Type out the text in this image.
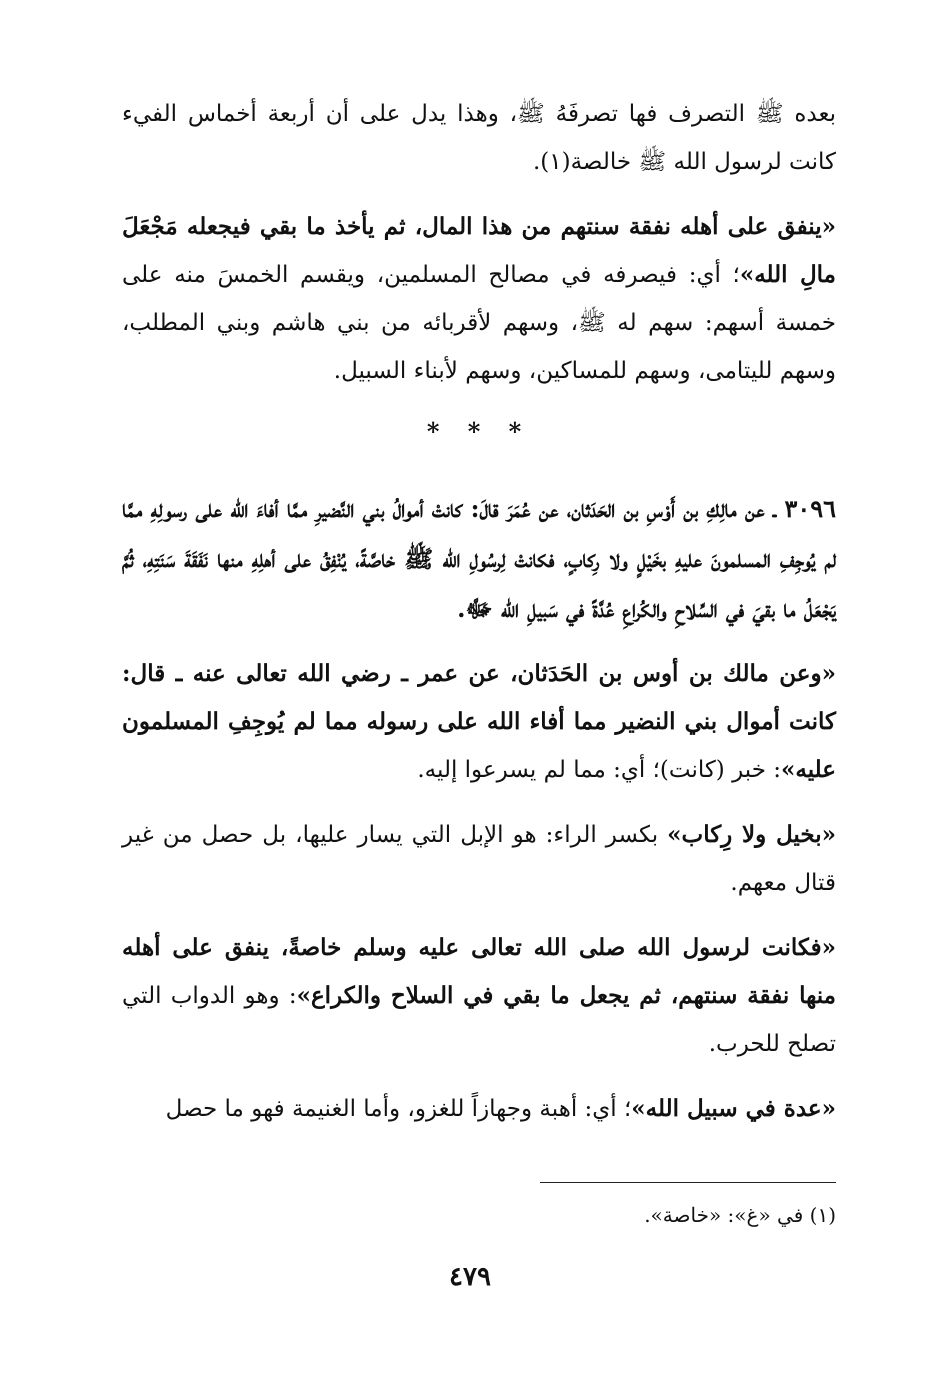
بعده ﷺ التصرف فها تصرفَهُ ﷺ، وهذا يدل على أن أربعة أخماس الفيء كانت لرسول الله ﷺ خالصة(١).

«ينفق على أهله نفقة سنتهم من هذا المال، ثم يأخذ ما بقي فيجعله مَجْعَلَ مالِ الله»؛ أي: فيصرفه في مصالح المسلمين، ويقسم الخمسَ منه على خمسة أسهم: سهم له ﷺ، وسهم لأقربائه من بني هاشم وبني المطلب، وسهم لليتامى، وسهم للمساكين، وسهم لأبناء السبيل.

* * *

٣٠٩٦ ـ عن مالِكِ بن أَوْسِ بن الحَدَثان، عن عُمَرَ قالَ: كانتْ أموالُ بني النَّضيرِ ممَّا أفاءَ الله على رسولِهِ ممَّا لم يُوجِفِ المسلمونَ عليهِ بخَيْلٍ ولا رِكابٍ، فكانتْ لِرسُولِ الله ﷺ خاصَّةً، يُنْفِقُ على أهلِهِ منها نَفَقَةَ سَنَتِهِ، ثُمَّ يَجْعَلُ ما بقيَ في السِّلاحِ والكُراعِ عُدَّةً في سَبيلِ الله ﷻ.

«وعن مالك بن أوس بن الحَدَثان، عن عمر ـ رضي الله تعالى عنه ـ قال: كانت أموال بني النضير مما أفاء الله على رسوله مما لم يُوجِفِ المسلمون عليه»: خبر (كانت)؛ أي: مما لم يسرعوا إليه.

«بخيل ولا رِكاب» بكسر الراء: هو الإبل التي يسار عليها، بل حصل من غير قتال معهم.

«فكانت لرسول الله صلى الله تعالى عليه وسلم خاصةً، ينفق على أهله منها نفقة سنتهم، ثم يجعل ما بقي في السلاح والكراع»: وهو الدواب التي تصلح للحرب.

«عدة في سبيل الله»؛ أي: أهبة وجهازاً للغزو، وأما الغنيمة فهو ما حصل

(١) في «غ»: «خاصة».
٤٧٩
